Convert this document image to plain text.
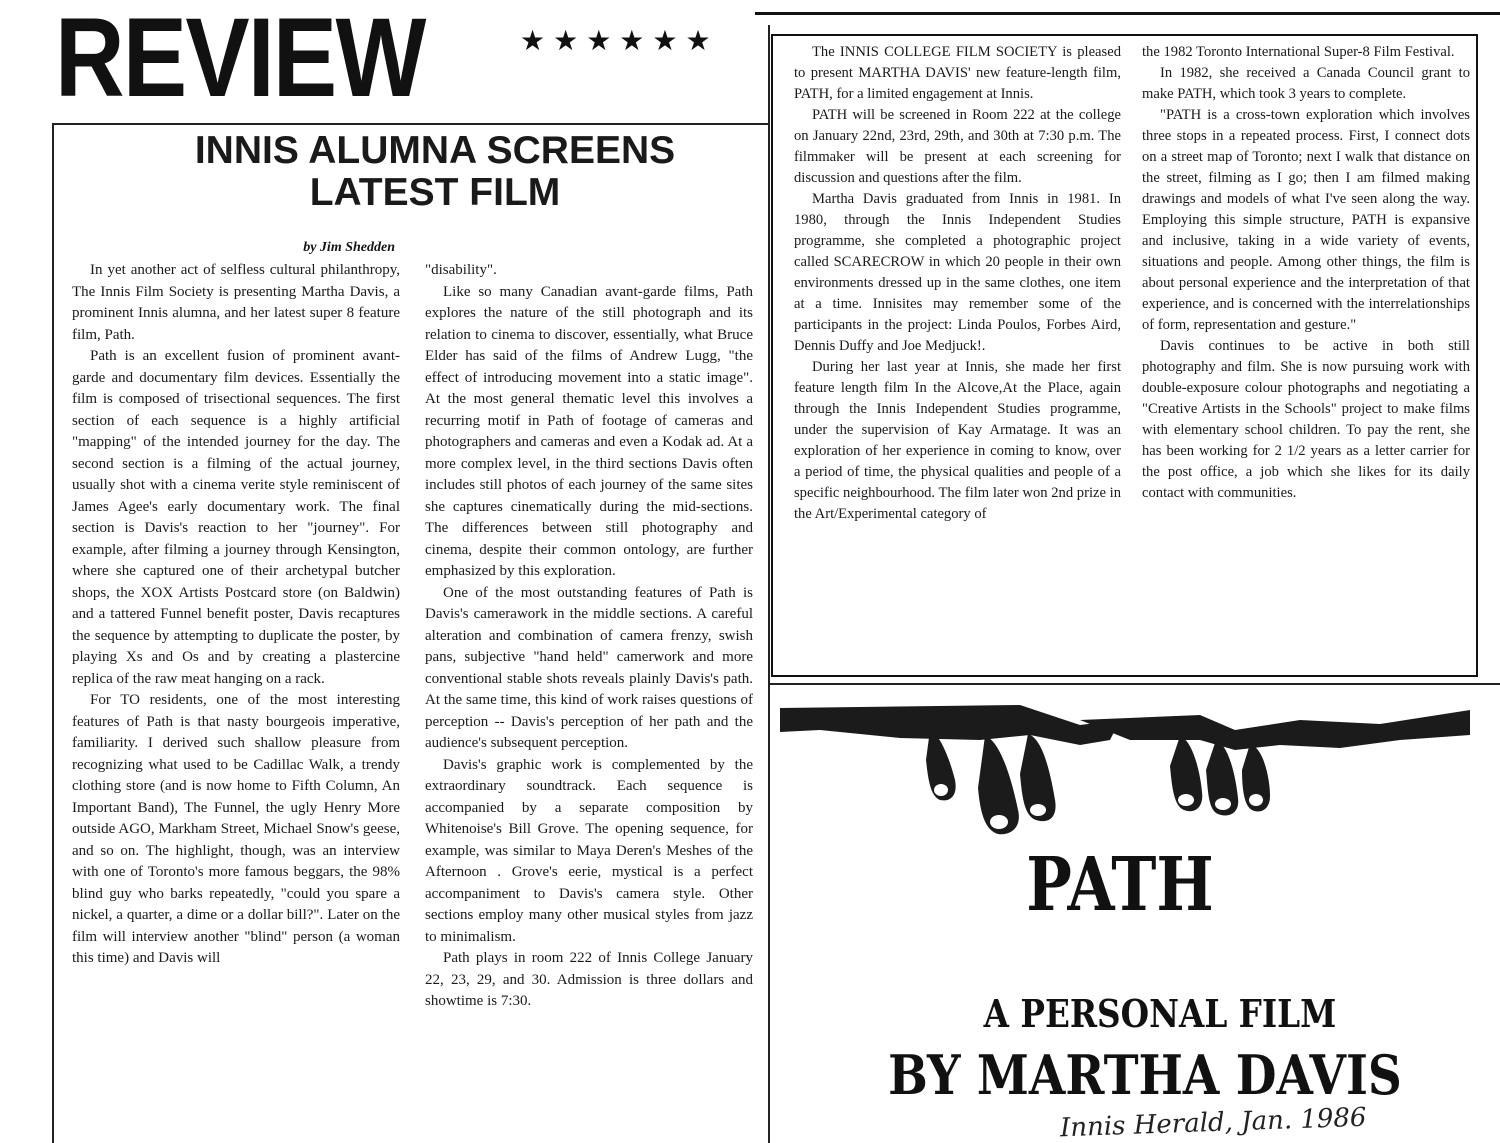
REVIEW	★★★★★★
INNIS ALUMNA SCREENS
LATEST FILM
by Jim Shedden

In yet another act of selfless cultural philanthropy, The Innis Film Society is presenting Martha Davis, a prominent Innis alumna, and her latest super 8 feature film, Path.

Path is an excellent fusion of prominent avant-garde and documentary film devices. Essentially the film is composed of trisectional sequences. The first section of each sequence is a highly artificial "mapping" of the intended journey for the day. The second section is a filming of the actual journey, usually shot with a cinema verite style reminiscent of James Agee's early documentary work. The final section is Davis's reaction to her "journey". For example, after filming a journey through Kensington, where she captured one of their archetypal butcher shops, the XOX Artists Postcard store (on Baldwin) and a tattered Funnel benefit poster, Davis recaptures the sequence by attempting to duplicate the poster, by playing Xs and Os and by creating a plastercine replica of the raw meat hanging on a rack.

For TO residents, one of the most interesting features of Path is that nasty bourgeois imperative, familiarity. I derived such shallow pleasure from recognizing what used to be Cadillac Walk, a trendy clothing store (and is now home to Fifth Column, An Important Band), The Funnel, the ugly Henry More outside AGO, Markham Street, Michael Snow's geese, and so on. The highlight, though, was an interview with one of Toronto's more famous beggars, the 98% blind guy who barks repeatedly, "could you spare a nickel, a quarter, a dime or a dollar bill?". Later on the film will interview another "blind" person (a woman this time) and Davis will

"disability".

Like so many Canadian avant-garde films, Path explores the nature of the still photograph and its relation to cinema to discover, essentially, what Bruce Elder has said of the films of Andrew Lugg, "the effect of introducing movement into a static image". At the most general thematic level this involves a recurring motif in Path of footage of cameras and photographers and cameras and even a Kodak ad. At a more complex level, in the third sections Davis often includes still photos of each journey of the same sites she captures cinematically during the mid-sections. The differences between still photography and cinema, despite their common ontology, are further emphasized by this exploration.

One of the most outstanding features of Path is Davis's camerawork in the middle sections. A careful alteration and combination of camera frenzy, swish pans, subjective "hand held" camerwork and more conventional stable shots reveals plainly Davis's path. At the same time, this kind of work raises questions of perception -- Davis's perception of her path and the audience's subsequent perception.

Davis's graphic work is complemented by the extraordinary soundtrack. Each sequence is accompanied by a separate composition by Whitenoise's Bill Grove. The opening sequence, for example, was similar to Maya Deren's Meshes of the Afternoon . Grove's eerie, mystical is a perfect accompaniment to Davis's camera style. Other sections employ many other musical styles from jazz to minimalism.

Path plays in room 222 of Innis College January 22, 23, 29, and 30. Admission is three dollars and showtime is 7:30.

The INNIS COLLEGE FILM SOCIETY is pleased to present MARTHA DAVIS' new feature-length film, PATH, for a limited engagement at Innis.

PATH will be screened in Room 222 at the college on January 22nd, 23rd, 29th, and 30th at 7:30 p.m. The filmmaker will be present at each screening for discussion and questions after the film.

Martha Davis graduated from Innis in 1981. In 1980, through the Innis Independent Studies programme, she completed a photographic project called SCARECROW in which 20 people in their own environments dressed up in the same clothes, one item at a time. Innisites may remember some of the participants in the project: Linda Poulos, Forbes Aird, Dennis Duffy and Joe Medjuck!.

During her last year at Innis, she made her first feature length film In the Alcove,At the Place, again through the Innis Independent Studies programme, under the supervision of Kay Armatage. It was an exploration of her experience in coming to know, over a period of time, the physical qualities and people of a specific neighbourhood. The film later won 2nd prize in the Art/Experimental category of

the 1982 Toronto International Super-8 Film Festival.

In 1982, she received a Canada Council grant to make PATH, which took 3 years to complete.

"PATH is a cross-town exploration which involves three stops in a repeated process. First, I connect dots on a street map of Toronto; next I walk that distance on the street, filming as I go; then I am filmed making drawings and models of what I've seen along the way. Employing this simple structure, PATH is expansive and inclusive, taking in a wide variety of events, situations and people. Among other things, the film is about personal experience and the interpretation of that experience, and is concerned with the interrelationships of form, representation and gesture."

Davis continues to be active in both still photography and film. She is now pursuing work with double-exposure colour photographs and negotiating a "Creative Artists in the Schools" project to make films with elementary school children. To pay the rent, she has been working for 2 1/2 years as a letter carrier for the post office, a job which she likes for its daily contact with communities.

PATH
A PERSONAL FILM
BY MARTHA DAVIS
Innis Herald, Jan. 1986
